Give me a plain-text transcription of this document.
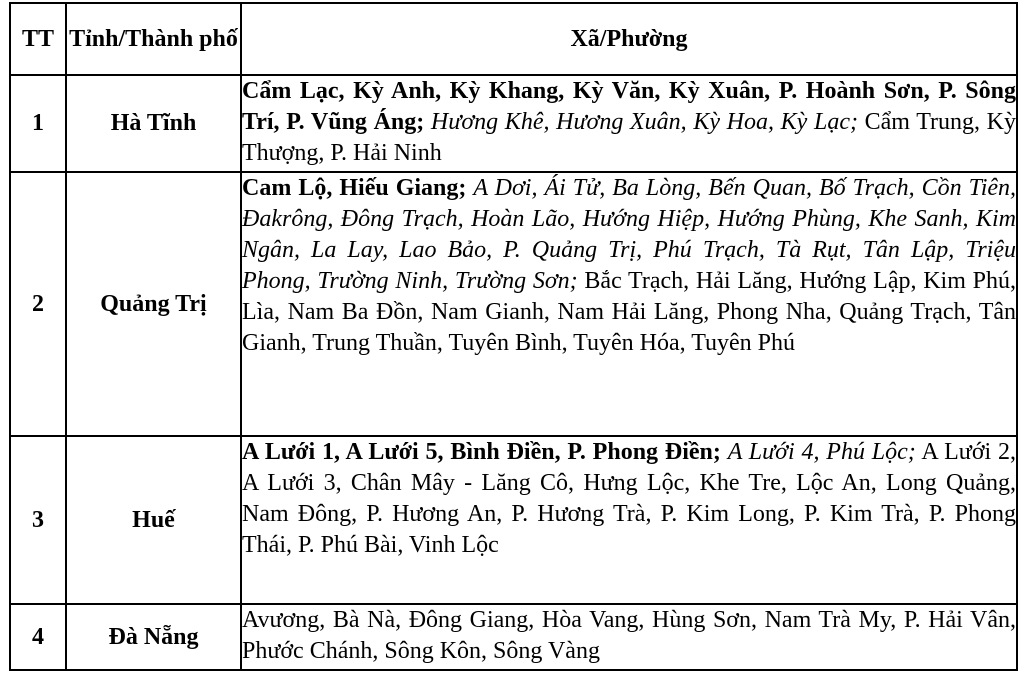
TT	Tỉnh/Thành phố	Xã/Phường
1	Hà Tĩnh	Cẩm Lạc, Kỳ Anh, Kỳ Khang, Kỳ Văn, Kỳ Xuân, P. Hoành Sơn, P. Sông Trí, P. Vũng Áng; Hương Khê, Hương Xuân, Kỳ Hoa, Kỳ Lạc; Cẩm Trung, Kỳ Thượng, P. Hải Ninh
2	Quảng Trị	Cam Lộ, Hiếu Giang; A Dơi, Ái Tử, Ba Lòng, Bến Quan, Bố Trạch, Cồn Tiên, Đakrông, Đông Trạch, Hoàn Lão, Hướng Hiệp, Hướng Phùng, Khe Sanh, Kim Ngân, La Lay, Lao Bảo, P. Quảng Trị, Phú Trạch, Tà Rụt, Tân Lập, Triệu Phong, Trường Ninh, Trường Sơn; Bắc Trạch, Hải Lăng, Hướng Lập, Kim Phú, Lìa, Nam Ba Đồn, Nam Gianh, Nam Hải Lăng, Phong Nha, Quảng Trạch, Tân Gianh, Trung Thuần, Tuyên Bình, Tuyên Hóa, Tuyên Phú
3	Huế	A Lưới 1, A Lưới 5, Bình Điền, P. Phong Điền; A Lưới 4, Phú Lộc; A Lưới 2, A Lưới 3, Chân Mây - Lăng Cô, Hưng Lộc, Khe Tre, Lộc An, Long Quảng, Nam Đông, P. Hương An, P. Hương Trà, P. Kim Long, P. Kim Trà, P. Phong Thái, P. Phú Bài, Vinh Lộc
4	Đà Nẵng	Avương, Bà Nà, Đông Giang, Hòa Vang, Hùng Sơn, Nam Trà My, P. Hải Vân, Phước Chánh, Sông Kôn, Sông Vàng
